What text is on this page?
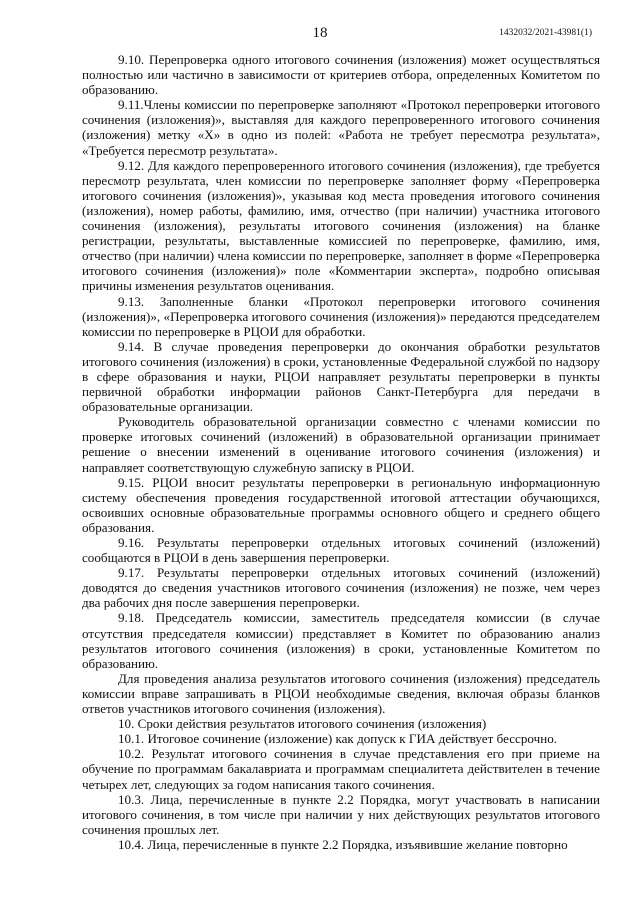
18	1432032/2021-43981(1)

9.10. Перепроверка одного итогового сочинения (изложения) может осуществляться полностью или частично в зависимости от критериев отбора, определенных Комитетом по образованию.

9.11.Члены комиссии по перепроверке заполняют «Протокол перепроверки итогового сочинения (изложения)», выставляя для каждого перепроверенного итогового сочинения (изложения) метку «X» в одно из полей: «Работа не требует пересмотра результата», «Требуется пересмотр результата».

9.12. Для каждого перепроверенного итогового сочинения (изложения), где требуется пересмотр результата, член комиссии по перепроверке заполняет форму «Перепроверка итогового сочинения (изложения)», указывая код места проведения итогового сочинения (изложения), номер работы, фамилию, имя, отчество (при наличии) участника итогового сочинения (изложения), результаты итогового сочинения (изложения) на бланке регистрации, результаты, выставленные комиссией по перепроверке, фамилию, имя, отчество (при наличии) члена комиссии по перепроверке, заполняет в форме «Перепроверка итогового сочинения (изложения)» поле «Комментарии эксперта», подробно описывая причины изменения результатов оценивания.

9.13. Заполненные бланки «Протокол перепроверки итогового сочинения (изложения)», «Перепроверка итогового сочинения (изложения)» передаются председателем комиссии по перепроверке в РЦОИ для обработки.

9.14. В случае проведения перепроверки до окончания обработки результатов итогового сочинения (изложения) в сроки, установленные Федеральной службой по надзору в сфере образования и науки, РЦОИ направляет результаты перепроверки в пункты первичной обработки информации районов Санкт-Петербурга для передачи в образовательные организации.

Руководитель образовательной организации совместно с членами комиссии по проверке итоговых сочинений (изложений) в образовательной организации принимает решение о внесении изменений в оценивание итогового сочинения (изложения) и направляет соответствующую служебную записку в РЦОИ.

9.15. РЦОИ вносит результаты перепроверки в региональную информационную систему обеспечения проведения государственной итоговой аттестации обучающихся, освоивших основные образовательные программы основного общего и среднего общего образования.

9.16. Результаты перепроверки отдельных итоговых сочинений (изложений) сообщаются в РЦОИ в день завершения перепроверки.

9.17. Результаты перепроверки отдельных итоговых сочинений (изложений) доводятся до сведения участников итогового сочинения (изложения) не позже, чем через два рабочих дня после завершения перепроверки.

9.18. Председатель комиссии, заместитель председателя комиссии (в случае отсутствия председателя комиссии) представляет в Комитет по образованию анализ результатов итогового сочинения (изложения) в сроки, установленные Комитетом по образованию.

Для проведения анализа результатов итогового сочинения (изложения) председатель комиссии вправе запрашивать в РЦОИ необходимые сведения, включая образы бланков ответов участников итогового сочинения (изложения).

10. Сроки действия результатов итогового сочинения (изложения)

10.1. Итоговое сочинение (изложение) как допуск к ГИА действует бессрочно.

10.2. Результат итогового сочинения в случае представления его при приеме на обучение по программам бакалавриата и программам специалитета действителен в течение четырех лет, следующих за годом написания такого сочинения.

10.3. Лица, перечисленные в пункте 2.2 Порядка, могут участвовать в написании итогового сочинения, в том числе при наличии у них действующих результатов итогового сочинения прошлых лет.

10.4. Лица, перечисленные в пункте 2.2 Порядка, изъявившие желание повторно
